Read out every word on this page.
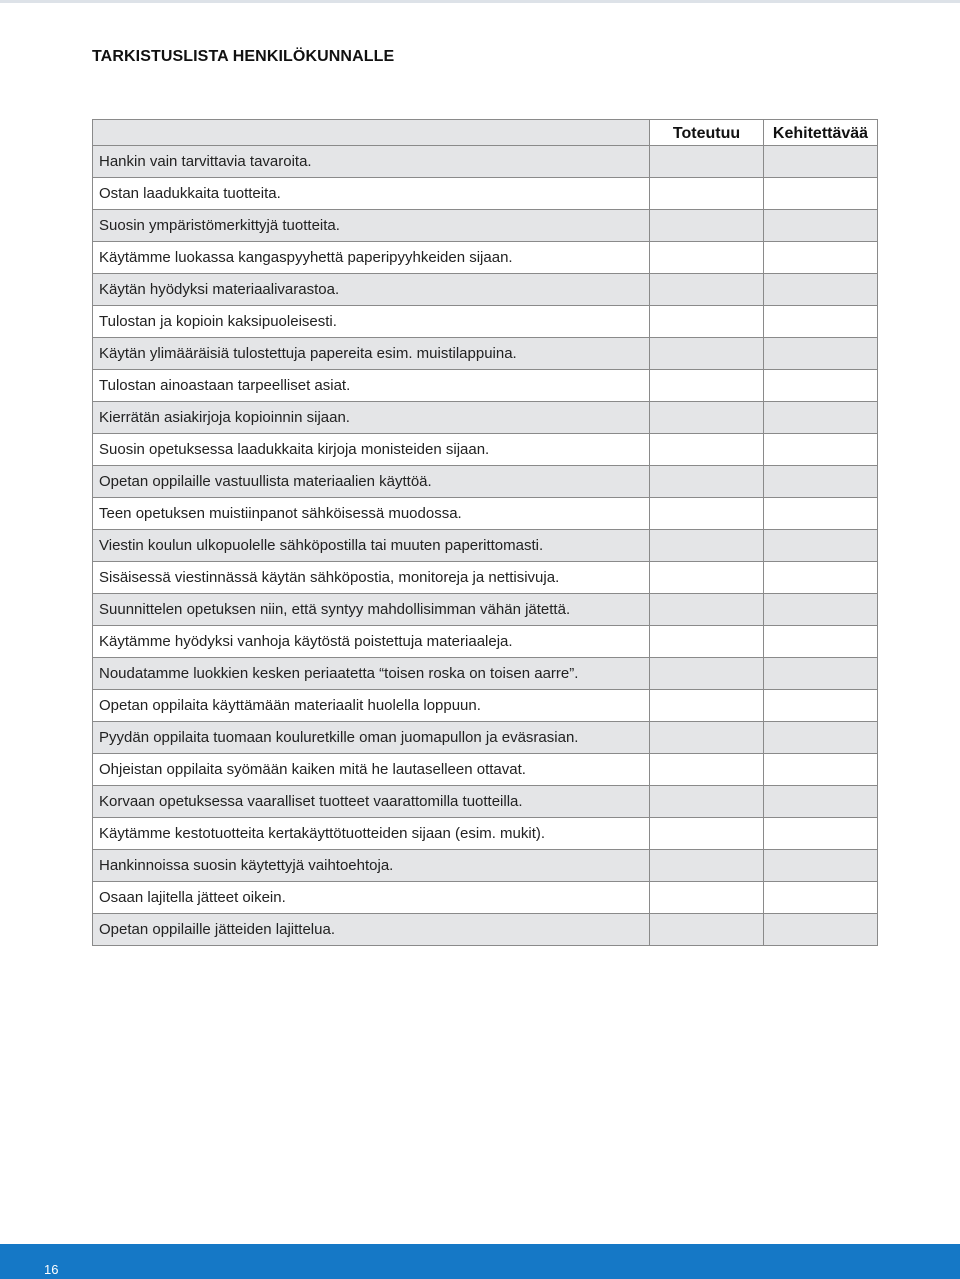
TARKISTUSLISTA HENKILÖKUNNALLE
Toteutuu	Kehitettävää
Hankin vain tarvittavia tavaroita.
Ostan laadukkaita tuotteita.
Suosin ympäristömerkittyjä tuotteita.
Käytämme luokassa kangaspyyhettä paperipyyhkeiden sijaan.
Käytän hyödyksi materiaalivarastoa.
Tulostan ja kopioin kaksipuoleisesti.
Käytän ylimääräisiä tulostettuja papereita esim. muistilappuina.
Tulostan ainoastaan tarpeelliset asiat.
Kierrätän asiakirjoja kopioinnin sijaan.
Suosin opetuksessa laadukkaita kirjoja monisteiden sijaan.
Opetan oppilaille vastuullista materiaalien käyttöä.
Teen opetuksen muistiinpanot sähköisessä muodossa.
Viestin koulun ulkopuolelle sähköpostilla tai muuten paperittomasti.
Sisäisessä viestinnässä käytän sähköpostia, monitoreja ja nettisivuja.
Suunnittelen opetuksen niin, että syntyy mahdollisimman vähän jätettä.
Käytämme hyödyksi vanhoja käytöstä poistettuja materiaaleja.
Noudatamme luokkien kesken periaatetta “toisen roska on toisen aarre”.
Opetan oppilaita käyttämään materiaalit huolella loppuun.
Pyydän oppilaita tuomaan kouluretkille oman juomapullon ja eväsrasian.
Ohjeistan oppilaita syömään kaiken mitä he lautaselleen ottavat.
Korvaan opetuksessa vaaralliset tuotteet vaarattomilla tuotteilla.
Käytämme kestotuotteita kertakäyttötuotteiden sijaan (esim. mukit).
Hankinnoissa suosin käytettyjä vaihtoehtoja.
Osaan lajitella jätteet oikein.
Opetan oppilaille jätteiden lajittelua.
16
